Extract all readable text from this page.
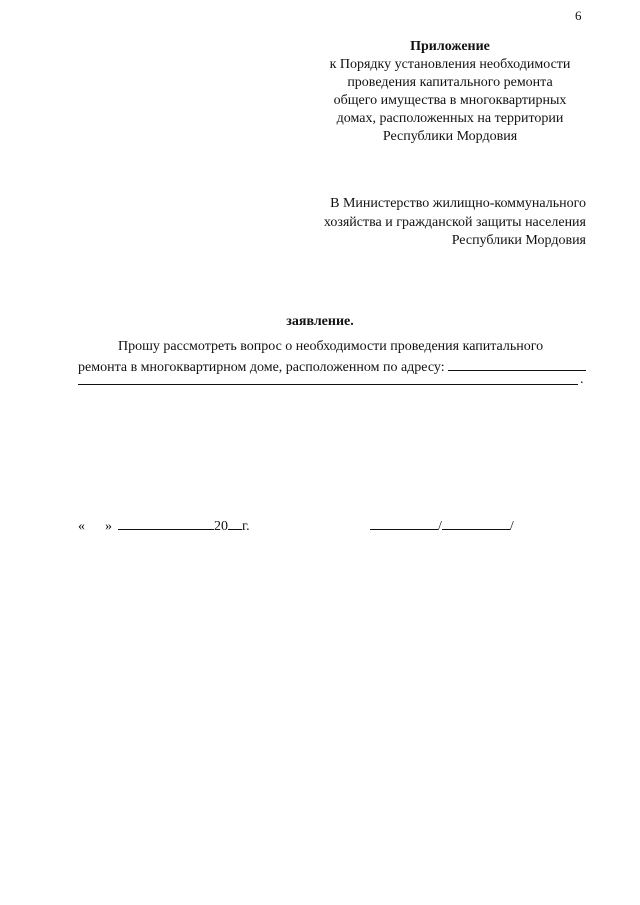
6
Приложение
к Порядку установления необходимости
проведения капитального ремонта
общего имущества в многоквартирных
домах, расположенных на территории
Республики Мордовия
В Министерство жилищно-коммунального
хозяйства и гражданской защиты населения
Республики Мордовия
заявление.
Прошу рассмотреть вопрос о необходимости проведения капитального
ремонта в многоквартирном доме, расположенном по адресу:
.
« »	20 г.	/	/
